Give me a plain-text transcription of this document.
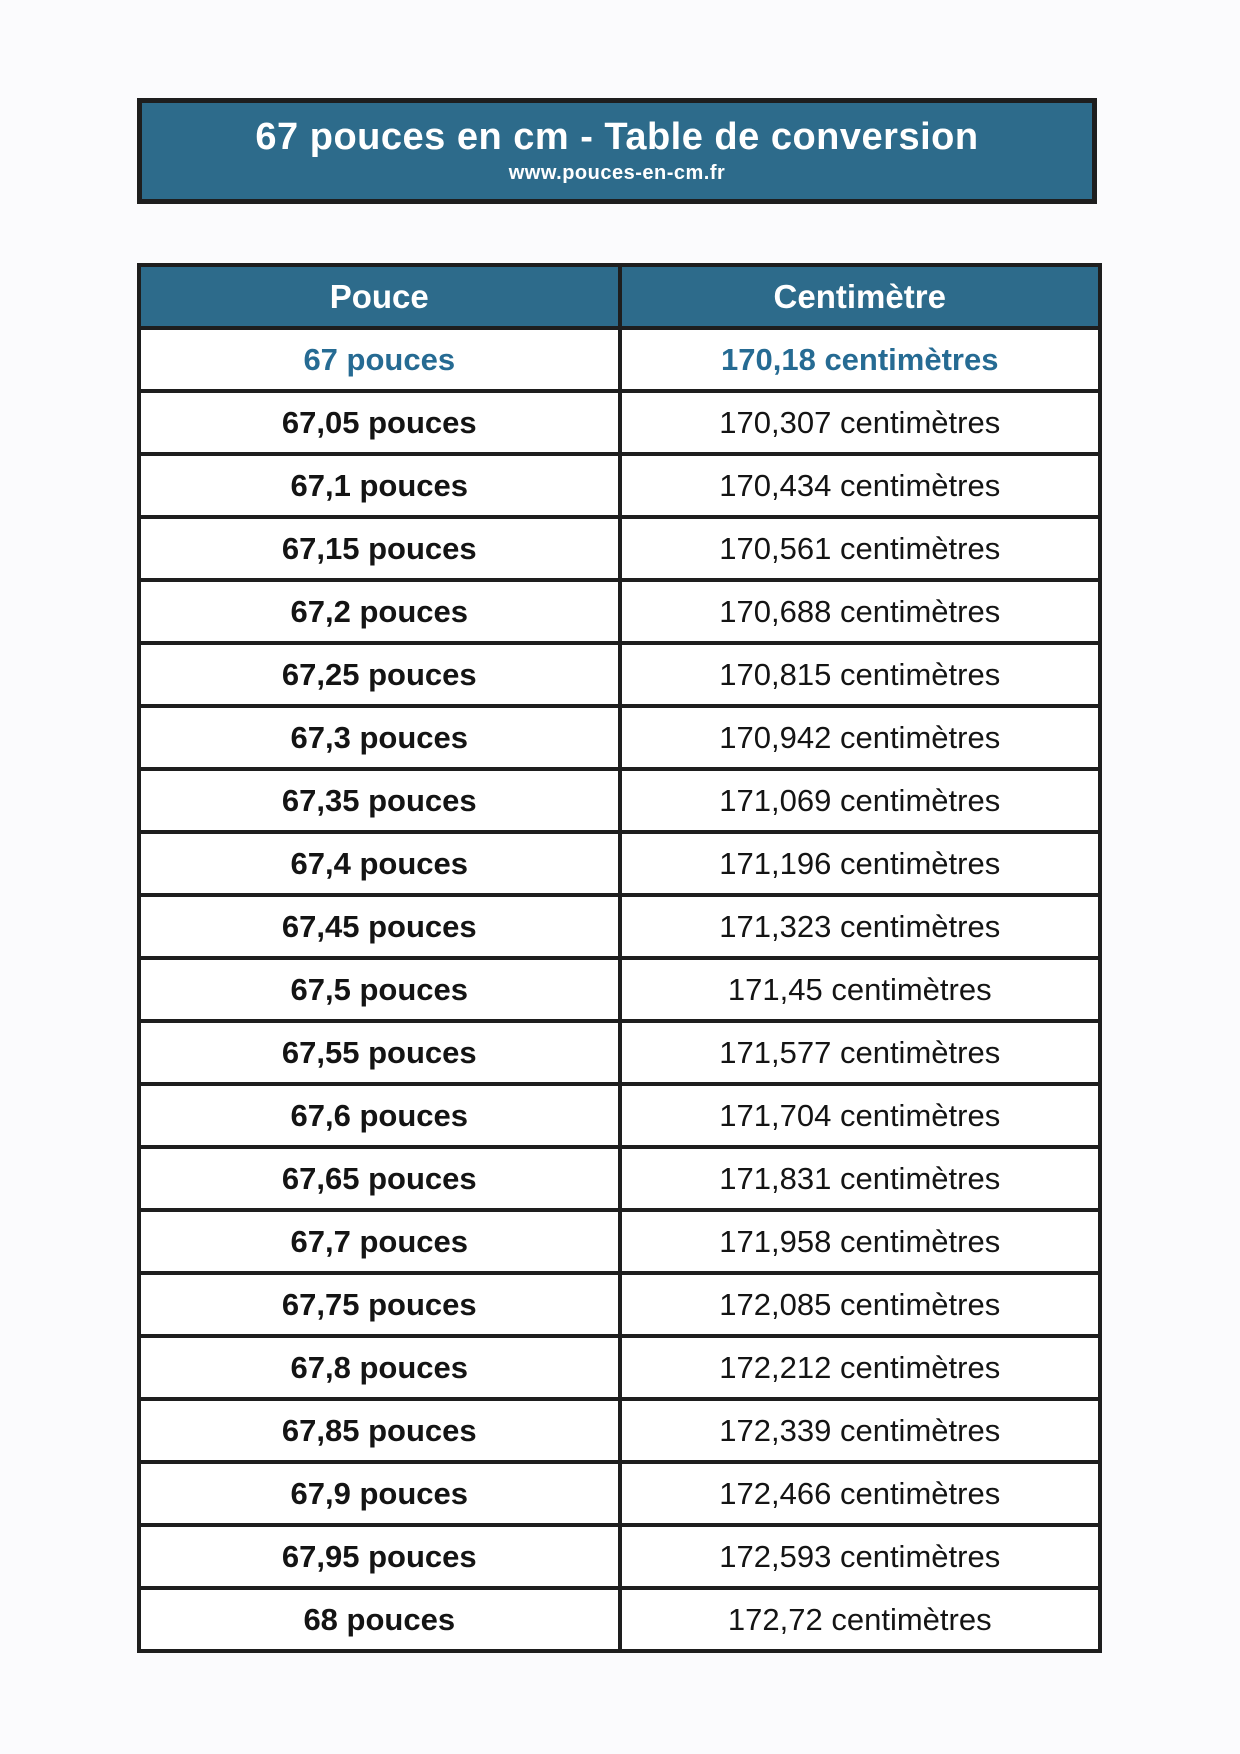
67 pouces en cm - Table de conversion
www.pouces-en-cm.fr
Pouce	Centimètre
67 pouces	170,18 centimètres
67,05 pouces	170,307 centimètres
67,1 pouces	170,434 centimètres
67,15 pouces	170,561 centimètres
67,2 pouces	170,688 centimètres
67,25 pouces	170,815 centimètres
67,3 pouces	170,942 centimètres
67,35 pouces	171,069 centimètres
67,4 pouces	171,196 centimètres
67,45 pouces	171,323 centimètres
67,5 pouces	171,45 centimètres
67,55 pouces	171,577 centimètres
67,6 pouces	171,704 centimètres
67,65 pouces	171,831 centimètres
67,7 pouces	171,958 centimètres
67,75 pouces	172,085 centimètres
67,8 pouces	172,212 centimètres
67,85 pouces	172,339 centimètres
67,9 pouces	172,466 centimètres
67,95 pouces	172,593 centimètres
68 pouces	172,72 centimètres
